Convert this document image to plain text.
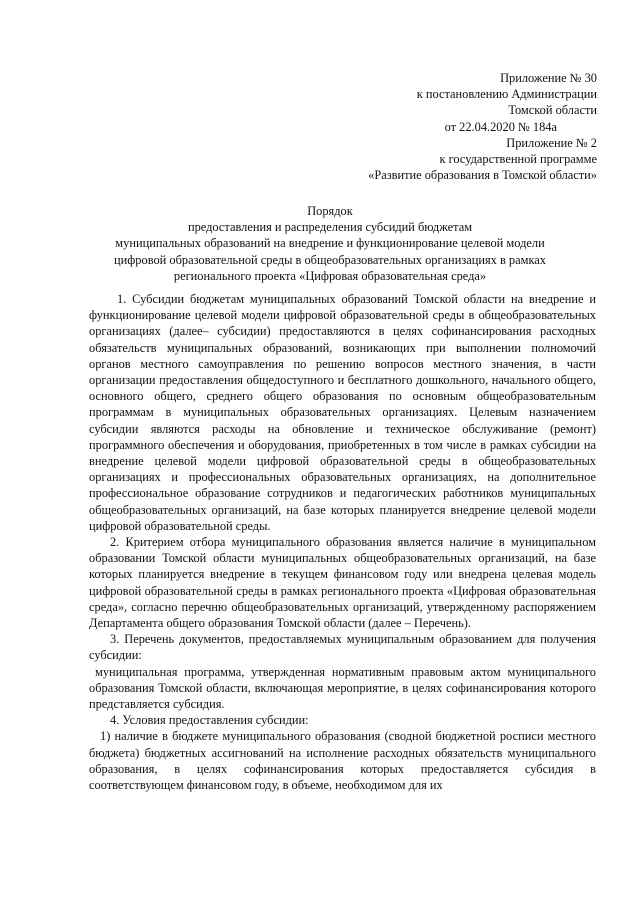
Приложение № 30
к постановлению Администрации
Томской области
от 22.04.2020 № 184а
Приложение № 2
к государственной программе
«Развитие образования в Томской области»
Порядок
предоставления и распределения субсидий бюджетам
муниципальных образований на внедрение и функционирование целевой модели
цифровой образовательной среды в общеобразовательных организациях в рамках
регионального проекта «Цифровая образовательная среда»

1. Субсидии бюджетам муниципальных образований Томской области на внедрение и функционирование целевой модели цифровой образовательной среды в общеобразовательных организациях (далее– субсидии) предоставляются в целях софинансирования расходных обязательств муниципальных образований, возникающих при выполнении полномочий органов местного самоуправления по решению вопросов местного значения, в части организации предоставления общедоступного и бесплатного дошкольного, начального общего, основного общего, среднего общего образования по основным общеобразовательным программам в муниципальных образовательных организациях. Целевым назначением субсидии являются расходы на обновление и техническое обслуживание (ремонт) программного обеспечения и оборудования, приобретенных в том числе в рамках субсидии на внедрение целевой модели цифровой образовательной среды в общеобразовательных организациях и профессиональных образовательных организациях, на дополнительное профессиональное образование сотрудников и педагогических работников муниципальных общеобразовательных организаций, на базе которых планируется внедрение целевой модели цифровой образовательной среды.

2. Критерием отбора муниципального образования является наличие в муниципальном образовании Томской области муниципальных общеобразовательных организаций, на базе которых планируется внедрение в текущем финансовом году или внедрена целевая модель цифровой образовательной среды в рамках регионального проекта «Цифровая образовательная среда», согласно перечню общеобразовательных организаций, утвержденному распоряжением Департамента общего образования Томской области (далее – Перечень).

3. Перечень документов, предоставляемых муниципальным образованием для получения субсидии:

муниципальная программа, утвержденная нормативным правовым актом муниципального образования Томской области, включающая мероприятие, в целях софинансирования которого представляется субсидия.

4. Условия предоставления субсидии:

1) наличие в бюджете муниципального образования (сводной бюджетной росписи местного бюджета) бюджетных ассигнований на исполнение расходных обязательств муниципального образования, в целях софинансирования которых предоставляется субсидия в соответствующем финансовом году, в объеме, необходимом для их
